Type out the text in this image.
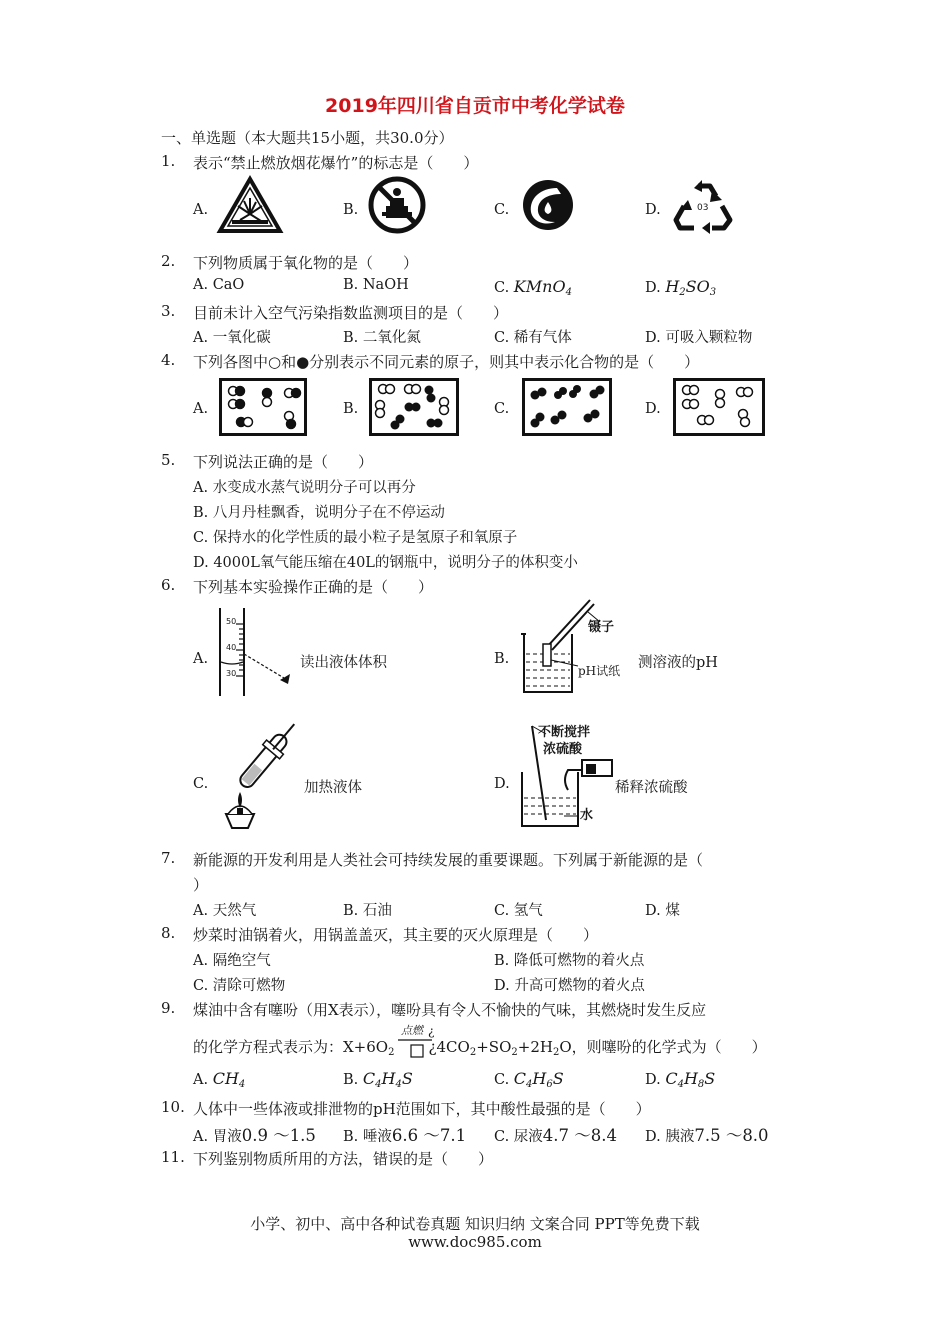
2019年四川省自贡市中考化学试卷
一、单选题（本大题共15小题，共30.0分）
1. 表示“禁止燃放烟花爆竹”的标志是（　　）
A.	B.	C.	D.	03
2. 下列物质属于氧化物的是（　　）
A. CaO	B. NaOH	C. KMnO$_4$	D. $H_2SO_3$
3. 目前未计入空气污染指数监测项目的是（　　）
A. 一氧化碳	B. 二氧化氮	C. 稀有气体	D. 可吸入颗粒物
4. 下列各图中○和●分别表示不同元素的原子，则其中表示化合物的是（　　）
A.	B.	C.	D.
5. 下列说法正确的是（　　）
A. 水变成水蒸气说明分子可以再分
B. 八月丹桂飘香，说明分子在不停运动
C. 保持水的化学性质的最小粒子是氢原子和氧原子
D. 4000L氧气能压缩在40L的钢瓶中，说明分子的体积变小
6. 下列基本实验操作正确的是（　　）
A.
50
40
30
读出液体体积	B.
镊子
pH试纸 测溶液的pH
C.	加热液体	D.
不断搅拌
浓硫酸
水
稀释浓硫酸
7. 新能源的开发利用是人类社会可持续发展的重要课题。下列属于新能源的是（
）
A. 天然气	B. 石油	C. 氢气	D. 煤
8. 炒菜时油锅着火，用锅盖盖灭，其主要的灭火原理是（　　）
A. 隔绝空气	B. 降低可燃物的着火点
C. 清除可燃物	D. 升高可燃物的着火点
9. 煤油中含有噻吩（用X表示），噻吩具有令人不愉快的气味，其燃烧时发生反应
的化学方程式表示为：$X+6O_2$ ¿$4CO_2+SO_2+2H_2O$，则噻吩的化学式为（　　）
点燃 ¿
A. $CH_4$	B. $C_4H_4S$	C. $C_4H_6S$	D. $C_4H_8S$
10. 人体中一些体液或排泄物的pH范围如下，其中酸性最强的是（　　）
A. 胃液0.9 ～1.5 B. 唾液6.6 ～7.1 C. 尿液4.7 ～8.4 D. 胰液7.5 ～8.0
11. 下列鉴别物质所用的方法，错误的是（　　）
小学、初中、高中各种试卷真题 知识归纳 文案合同 PPT等免费下载
www.doc985.com
